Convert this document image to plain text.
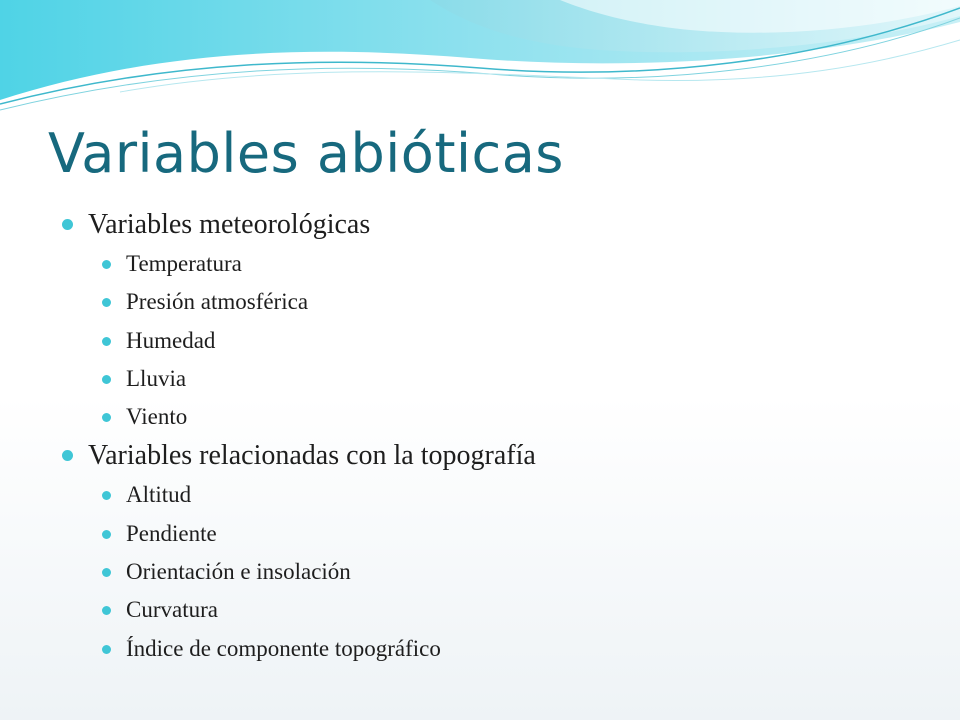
Variables abióticas
Variables meteorológicas
Temperatura
Presión atmosférica
Humedad
Lluvia
Viento
Variables relacionadas con la topografía
Altitud
Pendiente
Orientación e insolación
Curvatura
Índice de componente topográfico
